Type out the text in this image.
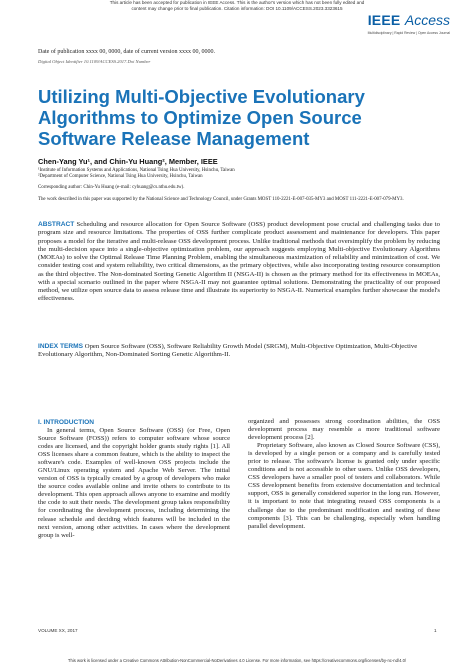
This article has been accepted for publication in IEEE Access. This is the author's version which has not been fully edited and
content may change prior to final publication. Citation information: DOI 10.1109/ACCESS.2023.3323615
IEEE Access
Multidisciplinary | Rapid Review | Open Access Journal
Date of publication xxxx 00, 0000, date of current version xxxx 00, 0000.
Digital Object Identifier 10.1109/ACCESS.2017.Doi Number
Utilizing Multi-Objective Evolutionary Algorithms to Optimize Open Source Software Release Management
Chen-Yang Yu¹, and Chin-Yu Huang², Member, IEEE
¹Institute of Information Systems and Applications, National Tsing Hua University, Hsinchu, Taiwan
²Department of Computer Science, National Tsing Hua University, Hsinchu, Taiwan
Corresponding author: Chin-Yu Huang (e-mail: cyhuang@cs.nthu.edu.tw).
The work described in this paper was supported by the National Science and Technology Council, under Grants MOST 110-2221-E-007-035-MY3 and MOST 111-2221-E-007-079-MY3.
ABSTRACT Scheduling and resource allocation for Open Source Software (OSS) product development pose crucial and challenging tasks due to program size and resource limitations. The properties of OSS further complicate product assessment and maintenance for developers. This paper proposes a model for the iterative and multi-release OSS development process. Unlike traditional methods that oversimplify the problem by reducing the multi-decision space into a single-objective optimization problem, our approach suggests employing Multi-objective Evolutionary Algorithms (MOEAs) to solve the Optimal Release Time Planning Problem, enabling the simultaneous maximization of reliability and minimization of cost. We consider testing cost and system reliability, two critical dimensions, as the primary objectives, while also incorporating testing resource consumption as the third objective. The Non-dominated Sorting Genetic Algorithm II (NSGA-II) is chosen as the primary method for its effectiveness in MOEAs, with a special scenario outlined in the paper where NSGA-II may not guarantee optimal solutions. Demonstrating the practicality of our proposed method, we utilize open source data to assess release time and illustrate its superiority to NSGA-II. Numerical examples further showcase the model's effectiveness.
INDEX TERMS Open Source Software (OSS), Software Reliability Growth Model (SRGM), Multi-Objective Optimization, Multi-Objective Evolutionary Algorithm, Non-Dominated Sorting Genetic Algorithm-II.
I. INTRODUCTION

In general terms, Open Source Software (OSS) (or Free, Open Source Software (FOSS)) refers to computer software whose source codes are licensed, and the copyright holder grants study rights [1]. All OSS licenses share a common feature, which is the ability to inspect the software's code. Examples of well-known OSS projects include the GNU/Linux operating system and Apache Web Server. The initial version of OSS is typically created by a group of developers who make the source codes available online and invite others to contribute to its development. This open approach allows anyone to examine and modify the code to suit their needs. The development group takes responsibility for coordinating the development process, including determining the release schedule and deciding which features will be included in the next version, among other activities. In cases where the development group is well-

organized and possesses strong coordination abilities, the OSS development process may resemble a more traditional software development process [2].

Proprietary Software, also known as Closed Source Software (CSS), is developed by a single person or a company and is carefully tested prior to release. The software's license is granted only under specific conditions and is not accessible to other users. Unlike OSS developers, CSS developers have a smaller pool of testers and collaborators. While CSS development benefits from extensive documentation and technical support, OSS is generally considered superior in the long run. However, it is important to note that integrating reused OSS components is a challenge due to the predominant modification and nesting of these components [3]. This can be challenging, especially when handling parallel development.

VOLUME XX, 2017	1
This work is licensed under a Creative Commons Attribution-NonCommercial-NoDerivatives 4.0 License. For more information, see https://creativecommons.org/licenses/by-nc-nd/4.0/
